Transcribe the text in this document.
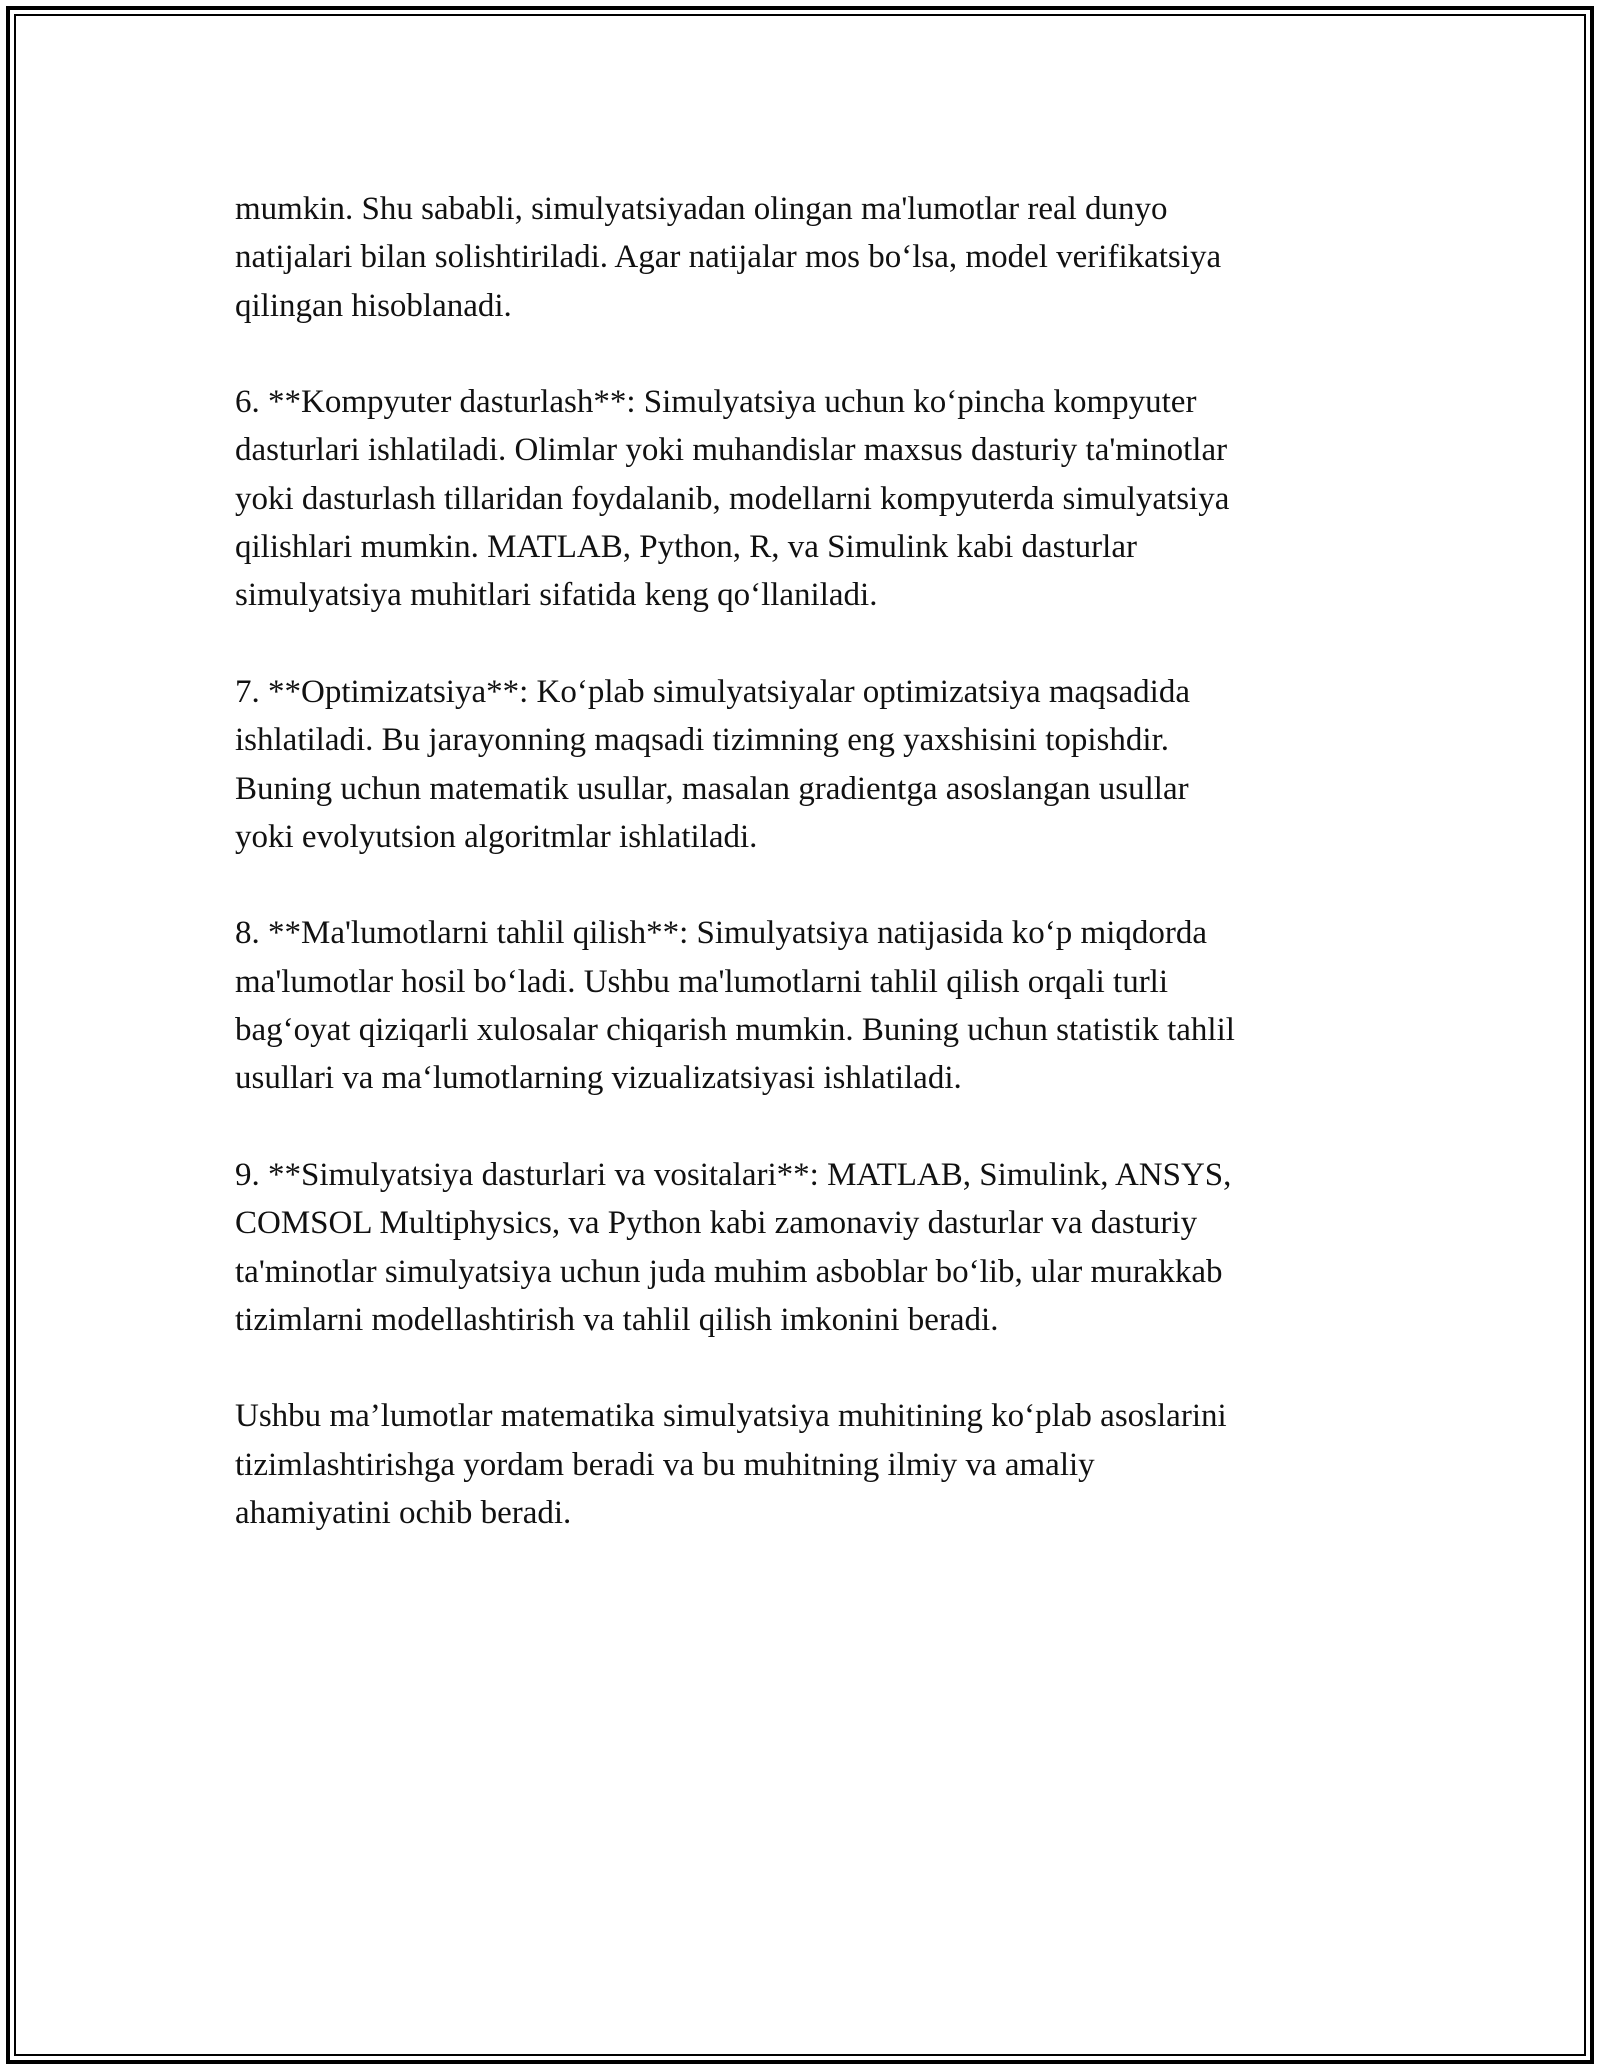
mumkin. Shu sababli, simulyatsiyadan olingan ma'lumotlar real dunyo
natijalari bilan solishtiriladi. Agar natijalar mos bo‘lsa, model verifikatsiya
qilingan hisoblanadi.

6. **Kompyuter dasturlash**: Simulyatsiya uchun ko‘pincha kompyuter
dasturlari ishlatiladi. Olimlar yoki muhandislar maxsus dasturiy ta'minotlar
yoki dasturlash tillaridan foydalanib, modellarni kompyuterda simulyatsiya
qilishlari mumkin. MATLAB, Python, R, va Simulink kabi dasturlar
simulyatsiya muhitlari sifatida keng qo‘llaniladi.

7. **Optimizatsiya**: Ko‘plab simulyatsiyalar optimizatsiya maqsadida
ishlatiladi. Bu jarayonning maqsadi tizimning eng yaxshisini topishdir.
Buning uchun matematik usullar, masalan gradientga asoslangan usullar
yoki evolyutsion algoritmlar ishlatiladi.

8. **Ma'lumotlarni tahlil qilish**: Simulyatsiya natijasida ko‘p miqdorda
ma'lumotlar hosil bo‘ladi. Ushbu ma'lumotlarni tahlil qilish orqali turli
bag‘oyat qiziqarli xulosalar chiqarish mumkin. Buning uchun statistik tahlil
usullari va ma‘lumotlarning vizualizatsiyasi ishlatiladi.

9. **Simulyatsiya dasturlari va vositalari**: MATLAB, Simulink, ANSYS,
COMSOL Multiphysics, va Python kabi zamonaviy dasturlar va dasturiy
ta'minotlar simulyatsiya uchun juda muhim asboblar bo‘lib, ular murakkab
tizimlarni modellashtirish va tahlil qilish imkonini beradi.

Ushbu ma’lumotlar matematika simulyatsiya muhitining ko‘plab asoslarini
tizimlashtirishga yordam beradi va bu muhitning ilmiy va amaliy
ahamiyatini ochib beradi.
